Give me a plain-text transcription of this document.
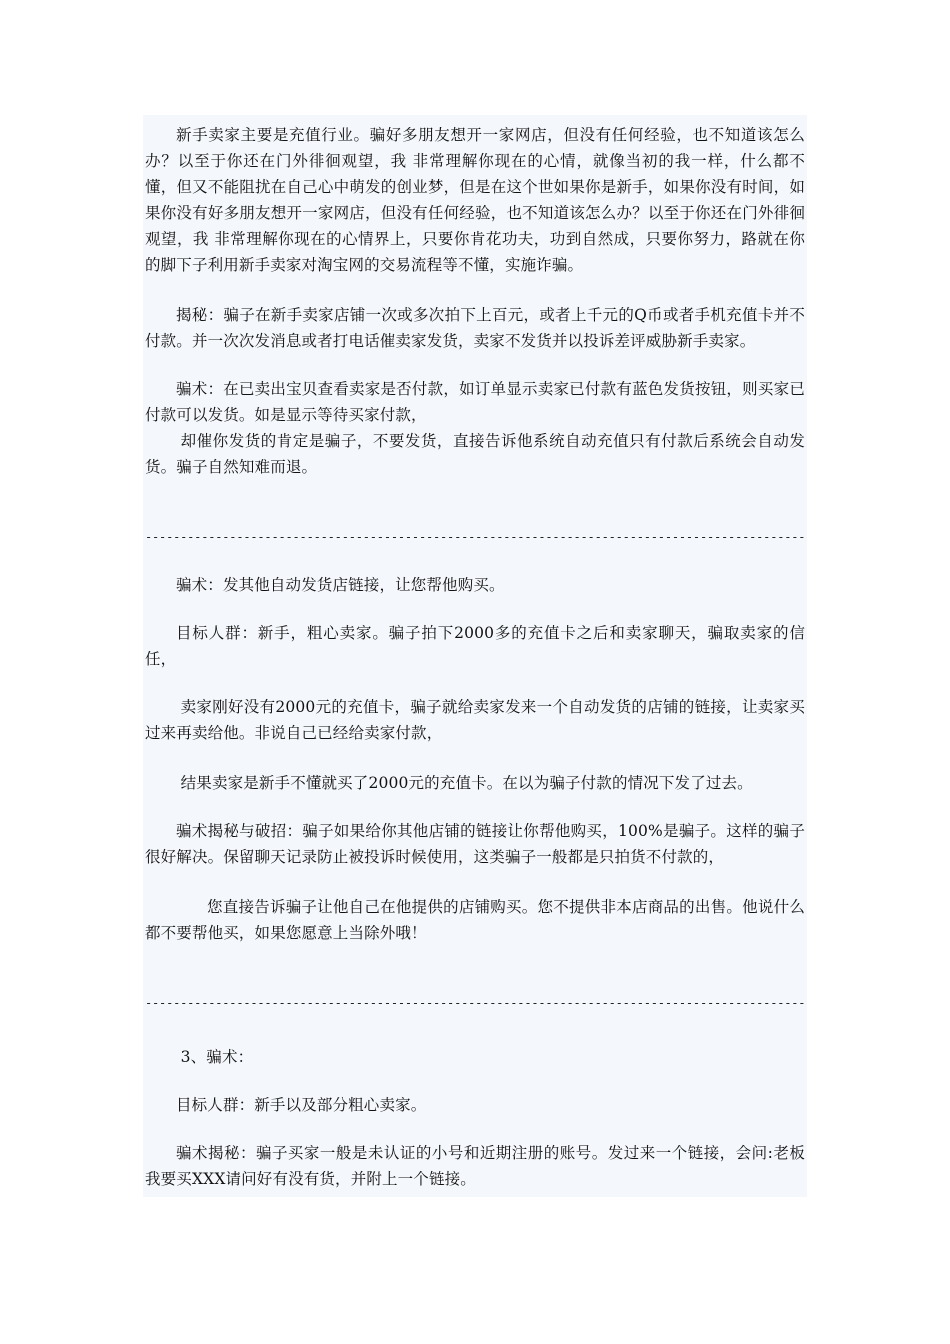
新手卖家主要是充值行业。骗好多朋友想开一家网店，但没有任何经验，也不知道该怎么办？以至于你还在门外徘徊观望，我 非常理解你现在的心情，就像当初的我一样，什么都不懂，但又不能阻扰在自己心中萌发的创业梦，但是在这个世如果你是新手，如果你没有时间，如果你没有好多朋友想开一家网店，但没有任何经验，也不知道该怎么办？以至于你还在门外徘徊观望，我 非常理解你现在的心情界上，只要你肯花功夫，功到自然成，只要你努力，路就在你的脚下子利用新手卖家对淘宝网的交易流程等不懂，实施诈骗。

揭秘：骗子在新手卖家店铺一次或多次拍下上百元，或者上千元的Q币或者手机充值卡并不付款。并一次次发消息或者打电话催卖家发货，卖家不发货并以投诉差评威胁新手卖家。

骗术：在已卖出宝贝查看卖家是否付款，如订单显示卖家已付款有蓝色发货按钮，则买家已付款可以发货。如是显示等待买家付款，

却催你发货的肯定是骗子，不要发货，直接告诉他系统自动充值只有付款后系统会自动发货。骗子自然知难而退。

----------------------------------------------------------------------------------------------

骗术：发其他自动发货店链接，让您帮他购买。

目标人群：新手，粗心卖家。骗子拍下2000多的充值卡之后和卖家聊天，骗取卖家的信任，

卖家刚好没有2000元的充值卡，骗子就给卖家发来一个自动发货的店铺的链接，让卖家买过来再卖给他。非说自己已经给卖家付款，

结果卖家是新手不懂就买了2000元的充值卡。在以为骗子付款的情况下发了过去。

骗术揭秘与破招：骗子如果给你其他店铺的链接让你帮他购买，100%是骗子。这样的骗子很好解决。保留聊天记录防止被投诉时候使用，这类骗子一般都是只拍货不付款的，

您直接告诉骗子让他自己在他提供的店铺购买。您不提供非本店商品的出售。他说什么都不要帮他买，如果您愿意上当除外哦！

----------------------------------------------------------------------------------------------

3、骗术：

目标人群：新手以及部分粗心卖家。

骗术揭秘：骗子买家一般是未认证的小号和近期注册的账号。发过来一个链接，会问:老板我要买XXX请问好有没有货，并附上一个链接。
